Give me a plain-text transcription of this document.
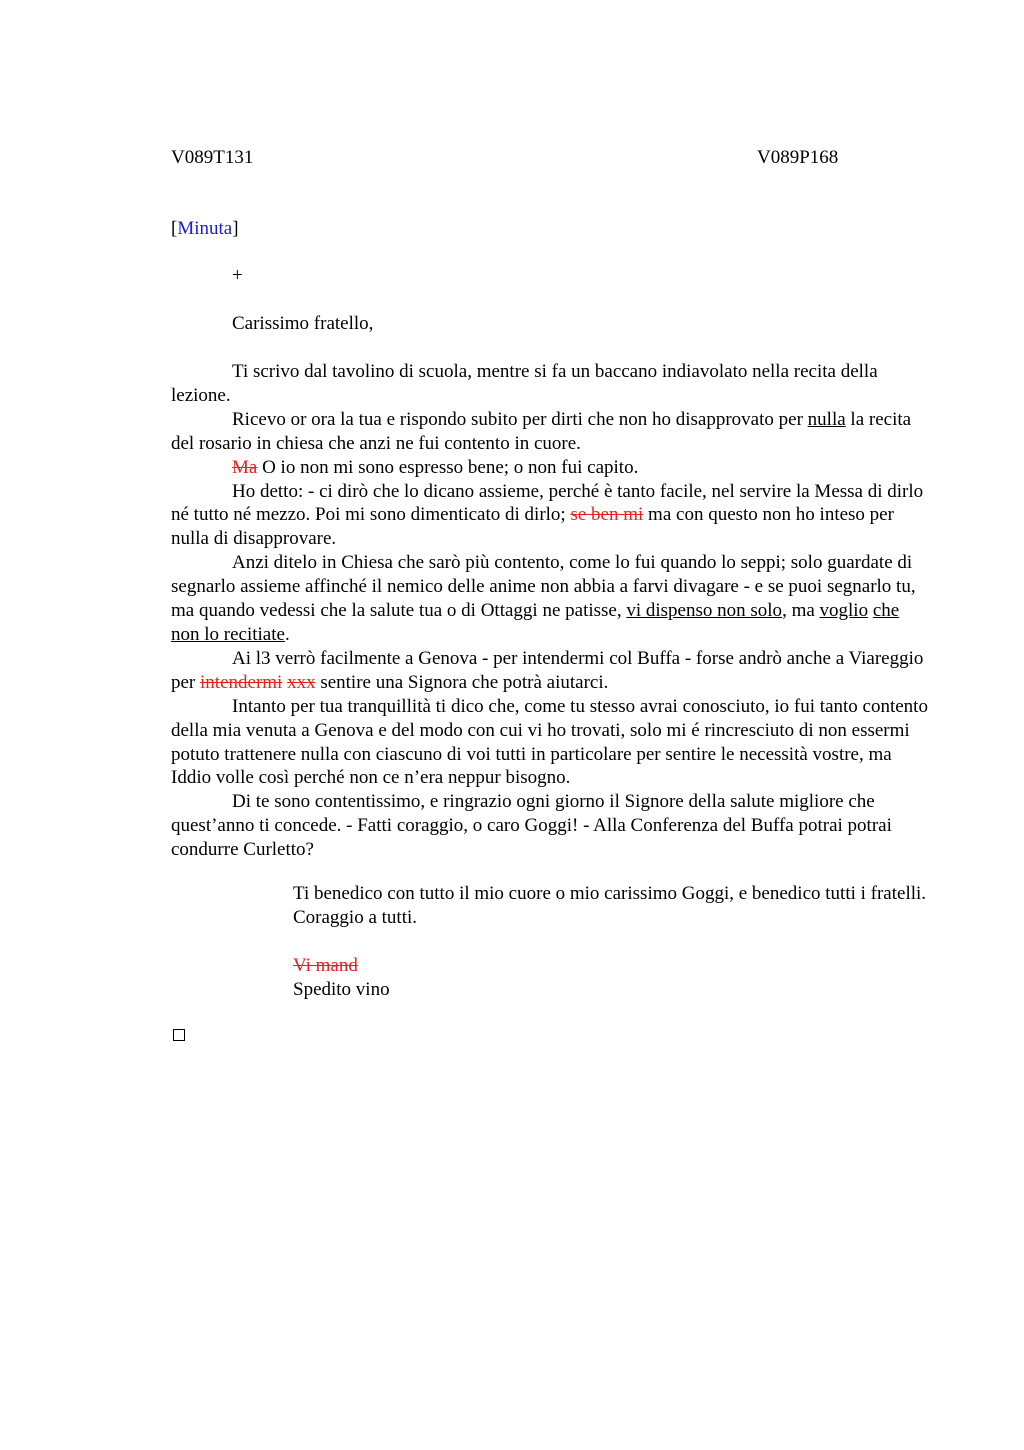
V089T131	V089P168
[Minuta]
+
Carissimo fratello,

Ti scrivo dal tavolino di scuola, mentre si fa un baccano indiavolato nella recita della lezione.

Ricevo or ora la tua e rispondo subito per dirti che non ho disapprovato per nulla la recita del rosario in chiesa che anzi ne fui contento in cuore.

Ma O io non mi sono espresso bene; o non fui capito.

Ho detto: - ci dirò che lo dicano assieme, perché è tanto facile, nel servire la Messa di dirlo né tutto né mezzo. Poi mi sono dimenticato di dirlo; se ben mi ma con questo non ho inteso per nulla di disapprovare.

Anzi ditelo in Chiesa che sarò più contento, come lo fui quando lo seppi; solo guardate di segnarlo assieme affinché il nemico delle anime non abbia a farvi divagare - e se puoi segnarlo tu, ma quando vedessi che la salute tua o di Ottaggi ne patisse, vi dispenso non solo, ma voglio che non lo recitiate.

Ai l3 verrò facilmente a Genova - per intendermi col Buffa - forse andrò anche a Viareggio per intendermi xxx sentire una Signora che potrà aiutarci.

Intanto per tua tranquillità ti dico che, come tu stesso avrai conosciuto, io fui tanto contento della mia venuta a Genova e del modo con cui vi ho trovati, solo mi é rincresciuto di non essermi potuto trattenere nulla con ciascuno di voi tutti in particolare per sentire le necessità vostre, ma Iddio volle così perché non ce n’era neppur bisogno.

Di te sono contentissimo, e ringrazio ogni giorno il Signore della salute migliore che quest’anno ti concede. - Fatti coraggio, o caro Goggi! - Alla Conferenza del Buffa potrai potrai condurre Curletto?

Ti benedico con tutto il mio cuore o mio carissimo Goggi, e benedico tutti i fratelli.

Coraggio a tutti.

Vi mand

Spedito vino
